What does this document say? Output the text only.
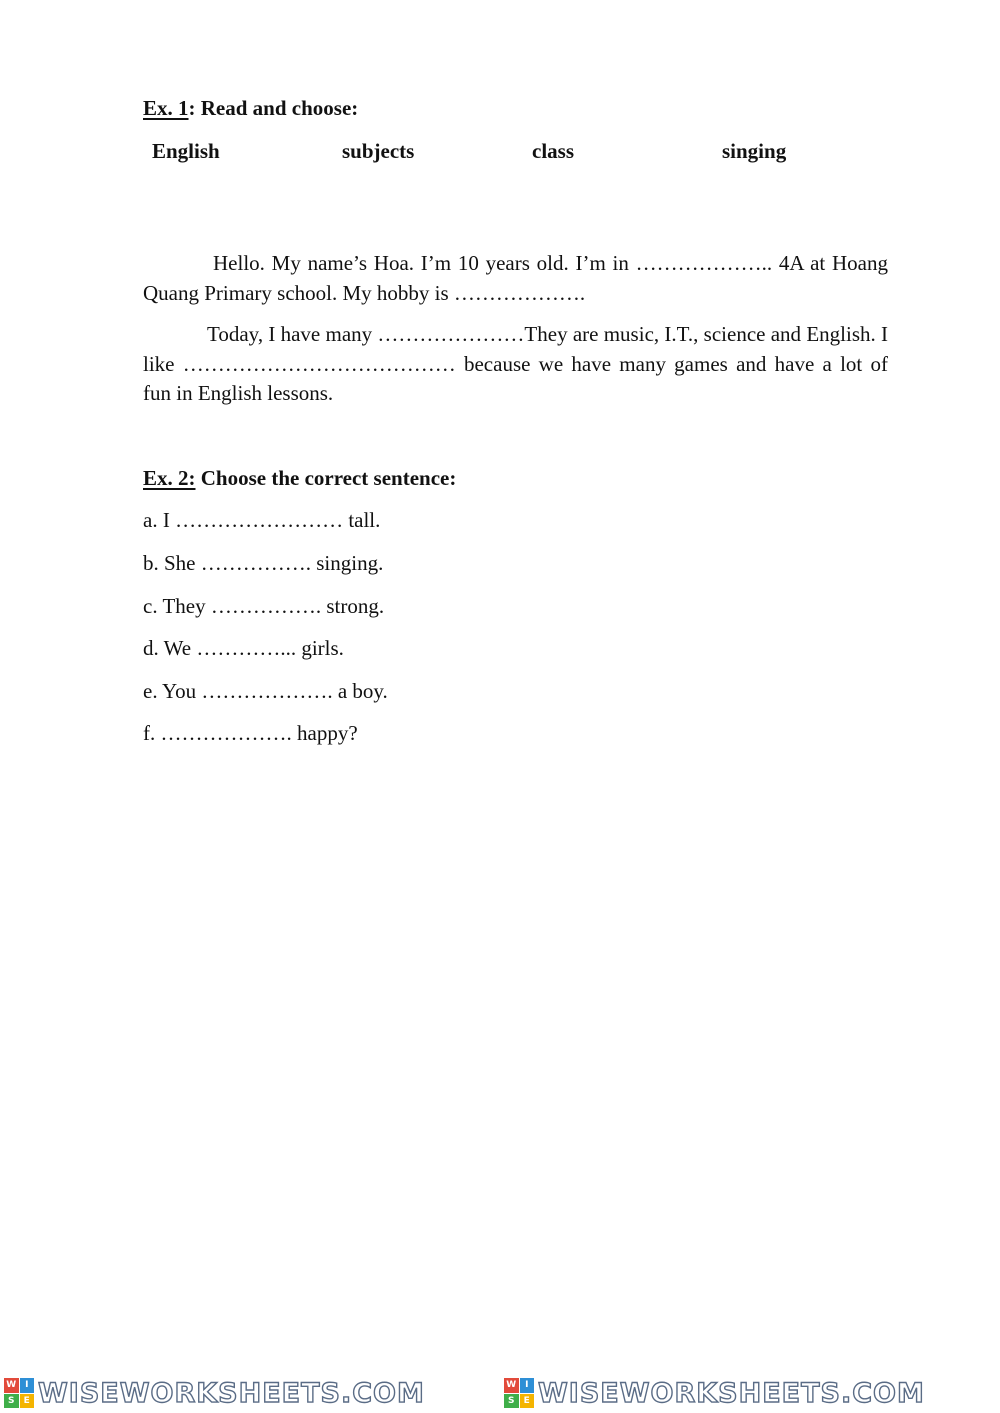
Ex. 1: Read and choose:
English	subjects	class	singing

Hello. My name’s Hoa. I’m 10 years old. I’m in ……………….. 4A at Hoang Quang Primary school. My hobby is ……………….

Today, I have many …………………They are music, I.T., science and English. I like ………………………………… because we have many games and have a lot of fun in English lessons.

Ex. 2: Choose the correct sentence:
a. I …………………… tall.
b. She ……………. singing.
c. They ……………. strong.
d. We …………... girls.
e. You ………………. a boy.
f. ………………. happy?
W I
S	E WISEWORKSHEETS.COM	W I
S	E WISEWORKSHEETS.COM
